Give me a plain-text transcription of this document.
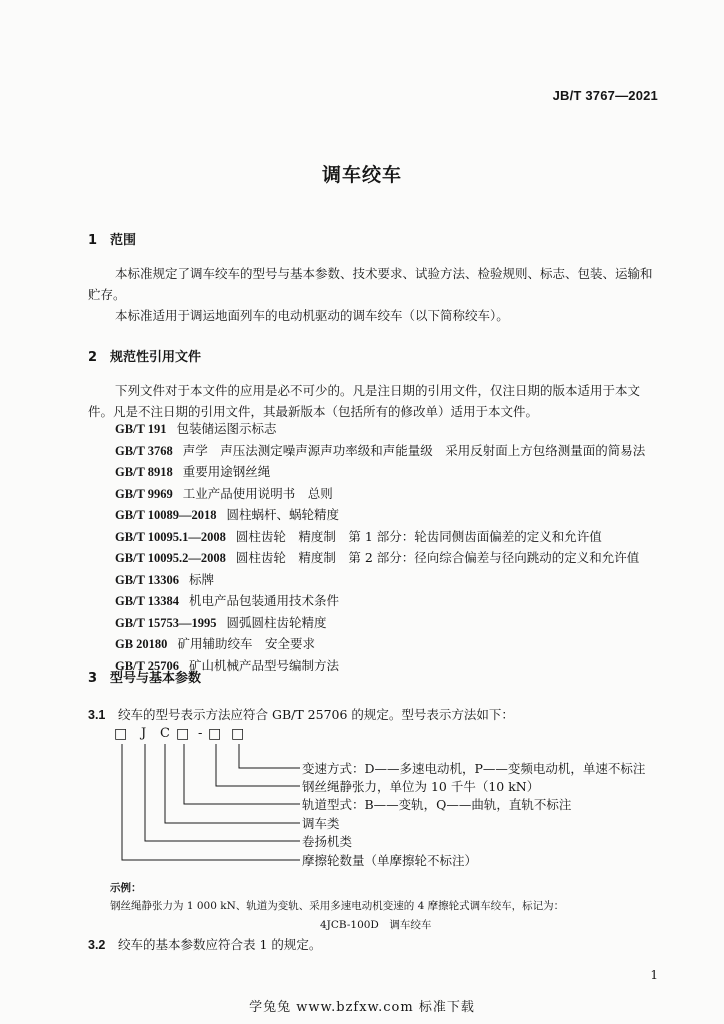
JB/T 3767—2021
调车绞车
1 范围
本标准规定了调车绞车的型号与基本参数、技术要求、试验方法、检验规则、标志、包装、运输和
贮存。
本标准适用于调运地面列车的电动机驱动的调车绞车（以下简称绞车）。
2 规范性引用文件
下列文件对于本文件的应用是必不可少的。凡是注日期的引用文件，仅注日期的版本适用于本文
件。凡是不注日期的引用文件，其最新版本（包括所有的修改单）适用于本文件。
GB/T 191 包装储运图示标志
GB/T 3768 声学　声压法测定噪声源声功率级和声能量级　采用反射面上方包络测量面的简易法
GB/T 8918 重要用途钢丝绳
GB/T 9969 工业产品使用说明书　总则
GB/T 10089—2018 圆柱蜗杆、蜗轮精度
GB/T 10095.1—2008 圆柱齿轮　精度制　第 1 部分：轮齿同侧齿面偏差的定义和允许值
GB/T 10095.2—2008 圆柱齿轮　精度制　第 2 部分：径向综合偏差与径向跳动的定义和允许值
GB/T 13306 标牌
GB/T 13384 机电产品包装通用技术条件
GB/T 15753—1995 圆弧圆柱齿轮精度
GB 20180 矿用辅助绞车　安全要求
GB/T 25706 矿山机械产品型号编制方法
3 型号与基本参数
3.1 绞车的型号表示方法应符合 GB/T 25706 的规定。型号表示方法如下：
□ J C □ - □ □
变速方式：D——多速电动机，P——变频电动机，单速不标注
钢丝绳静张力，单位为 10 千牛（10 kN）
轨道型式：B——变轨，Q——曲轨，直轨不标注
调车类
卷扬机类
摩擦轮数量（单摩擦轮不标注）
示例：
钢丝绳静张力为 1 000 kN、轨道为变轨、采用多速电动机变速的 4 摩擦轮式调车绞车，标记为：
4JCB-100D　调车绞车
3.2 绞车的基本参数应符合表 1 的规定。
1
学兔兔 www.bzfxw.com 标准下载
